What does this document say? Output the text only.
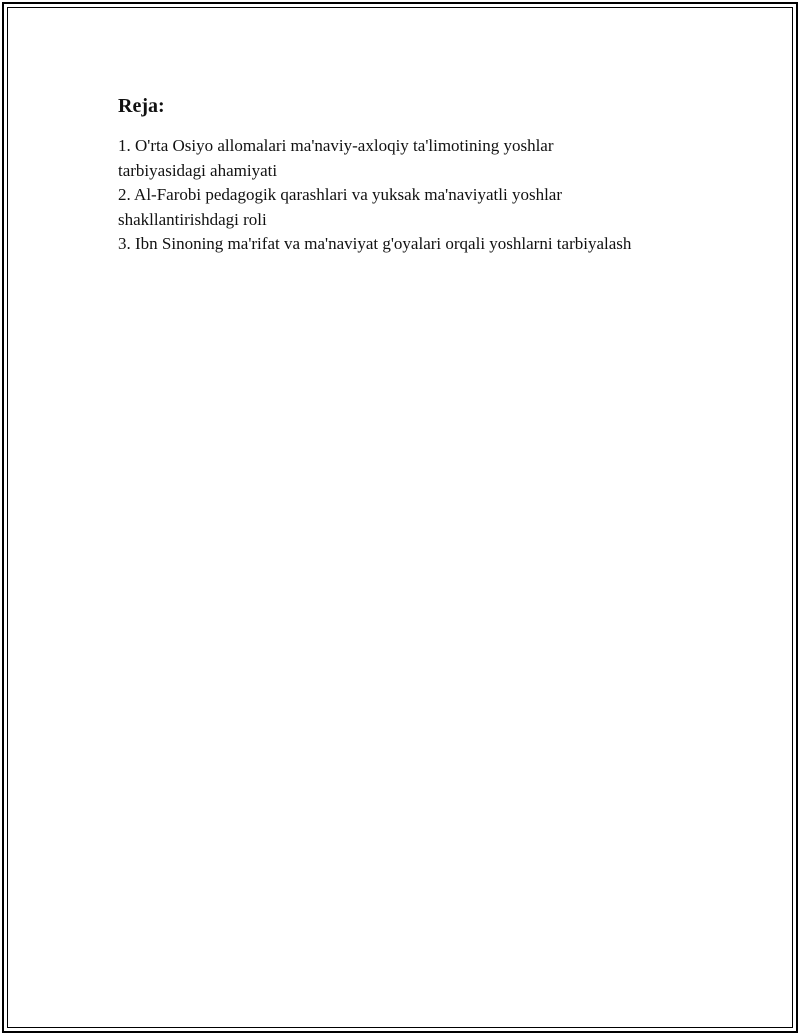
Reja:
1. O'rta Osiyo allomalari ma'naviy-axloqiy ta'limotining yoshlar
tarbiyasidagi ahamiyati
2. Al-Farobi pedagogik qarashlari va yuksak ma'naviyatli yoshlar
shakllantirishdagi roli
3. Ibn Sinoning ma'rifat va ma'naviyat g'oyalari orqali yoshlarni tarbiyalash
